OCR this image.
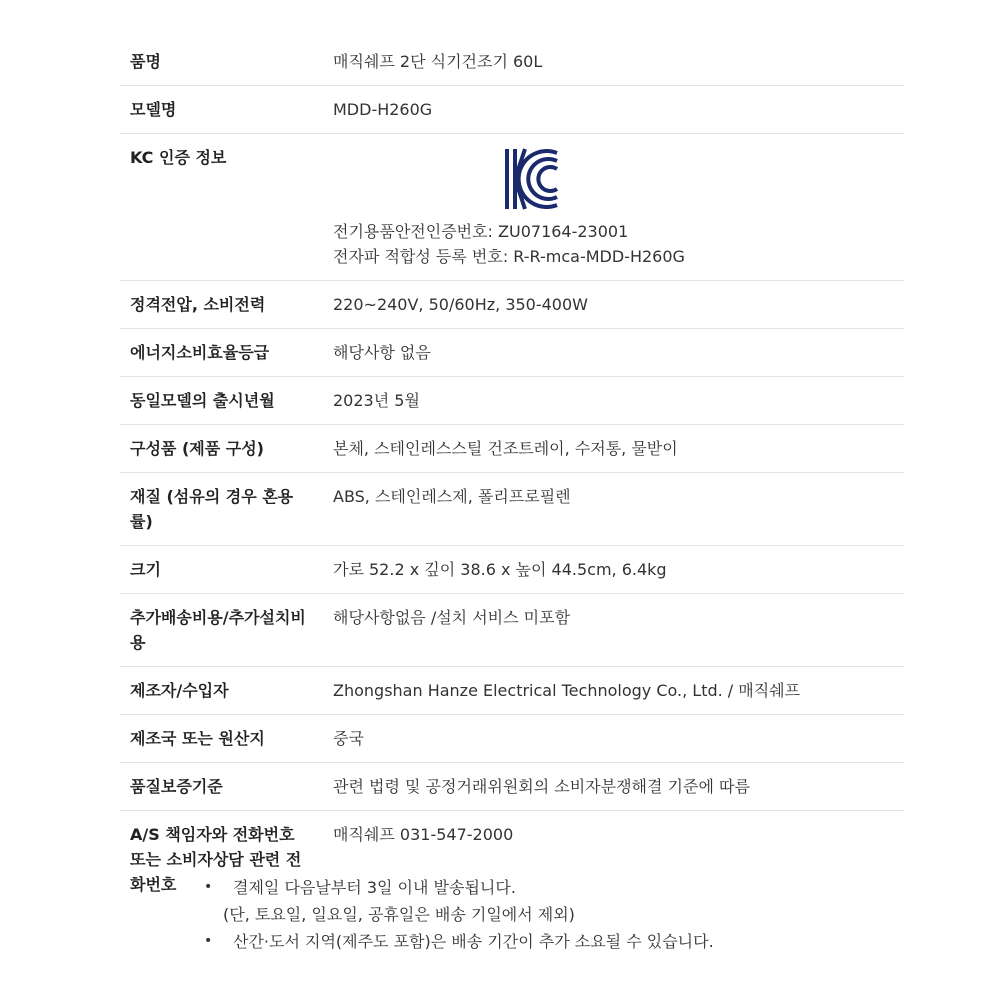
품명	매직쉐프 2단 식기건조기 60L
모델명	MDD-H260G
KC 인증 정보	전기용품안전인증번호: ZU07164-23001
전자파 적합성 등록 번호: R-R-mca-MDD-H260G

정격전압, 소비전력	220~240V, 50/60Hz, 350-400W
에너지소비효율등급	해당사항 없음
동일모델의 출시년월	2023년 5월
구성품 (제품 구성)	본체, 스테인레스스틸 건조트레이, 수저통, 물받이
재질 (섬유의 경우 혼용률)	ABS, 스테인레스제, 폴리프로필렌
크기	가로 52.2 x 깊이 38.6 x 높이 44.5cm, 6.4kg
추가배송비용/추가설치비용	해당사항없음 /설치 서비스 미포함
제조자/수입자	Zhongshan Hanze Electrical Technology Co., Ltd. / 매직쉐프
제조국 또는 원산지	중국
품질보증기준	관련 법령 및 공정거래위원회의 소비자분쟁해결 기준에 따름
A/S 책임자와 전화번호 또는 소비자상담 관련 전화번호	매직쉐프 031-547-2000
• 결제일 다음날부터 3일 이내 발송됩니다.
(단, 토요일, 일요일, 공휴일은 배송 기일에서 제외)
• 산간·도서 지역(제주도 포함)은 배송 기간이 추가 소요될 수 있습니다.
